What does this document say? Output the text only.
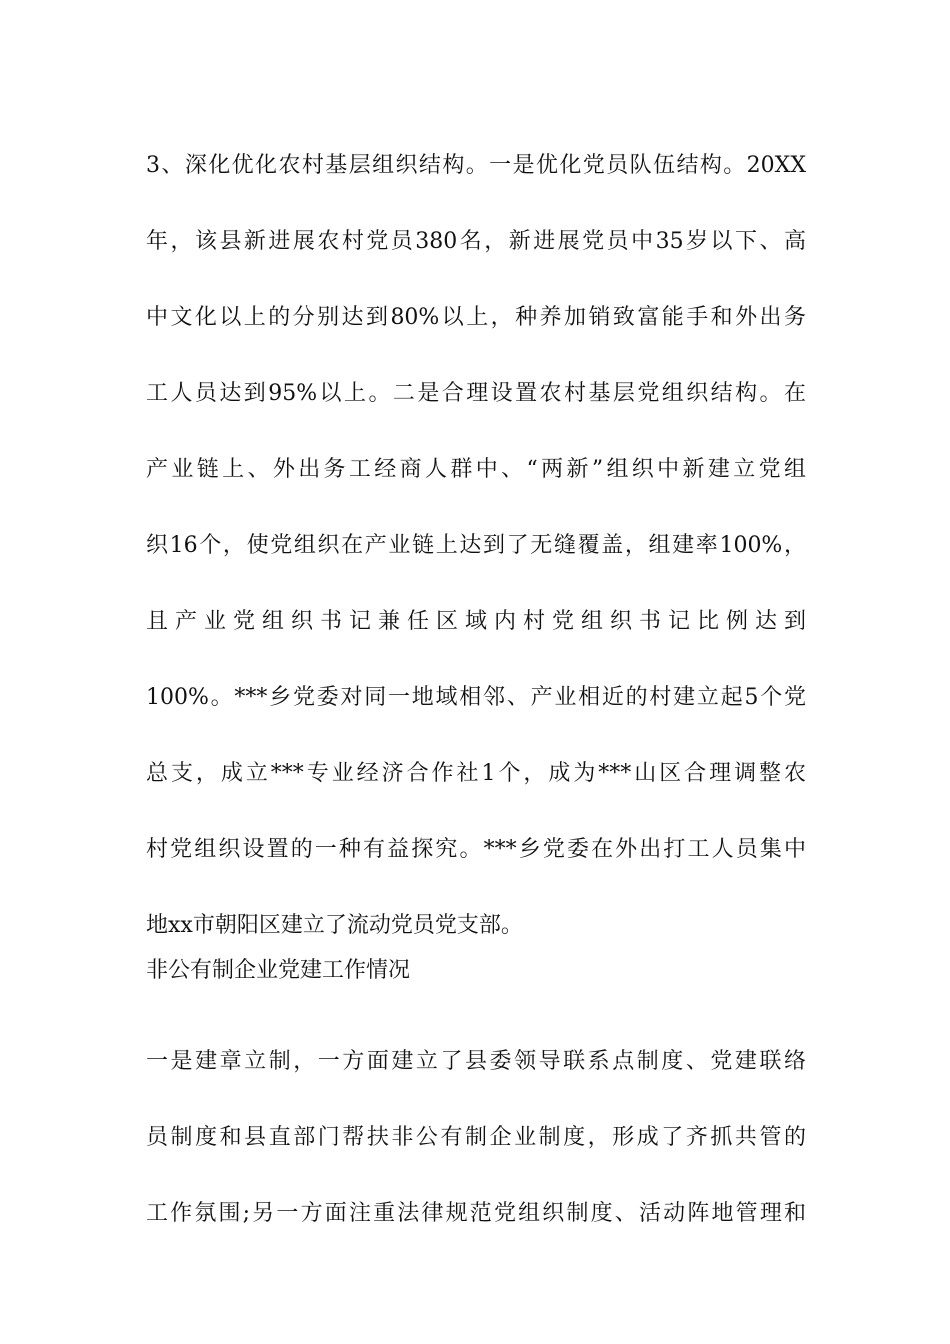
3、深化优化农村基层组织结构。一是优化党员队伍结构。20XX
年，该县新进展农村党员380名，新进展党员中35岁以下、高
中文化以上的分别达到80%以上，种养加销致富能手和外出务
工人员达到95%以上。二是合理设置农村基层党组织结构。在
产业链上、外出务工经商人群中、“两新”组织中新建立党组
织16个，使党组织在产业链上达到了无缝覆盖，组建率100%，
且产业党组织书记兼任区域内村党组织书记比例达到
100%。***乡党委对同一地域相邻、产业相近的村建立起5个党
总支，成立***专业经济合作社1个，成为***山区合理调整农
村党组织设置的一种有益探究。***乡党委在外出打工人员集中
地xx市朝阳区建立了流动党员党支部。

非公有制企业党建工作情况

一是建章立制，一方面建立了县委领导联系点制度、党建联络
员制度和县直部门帮扶非公有制企业制度，形成了齐抓共管的
工作氛围;另一方面注重法律规范党组织制度、活动阵地管理和
